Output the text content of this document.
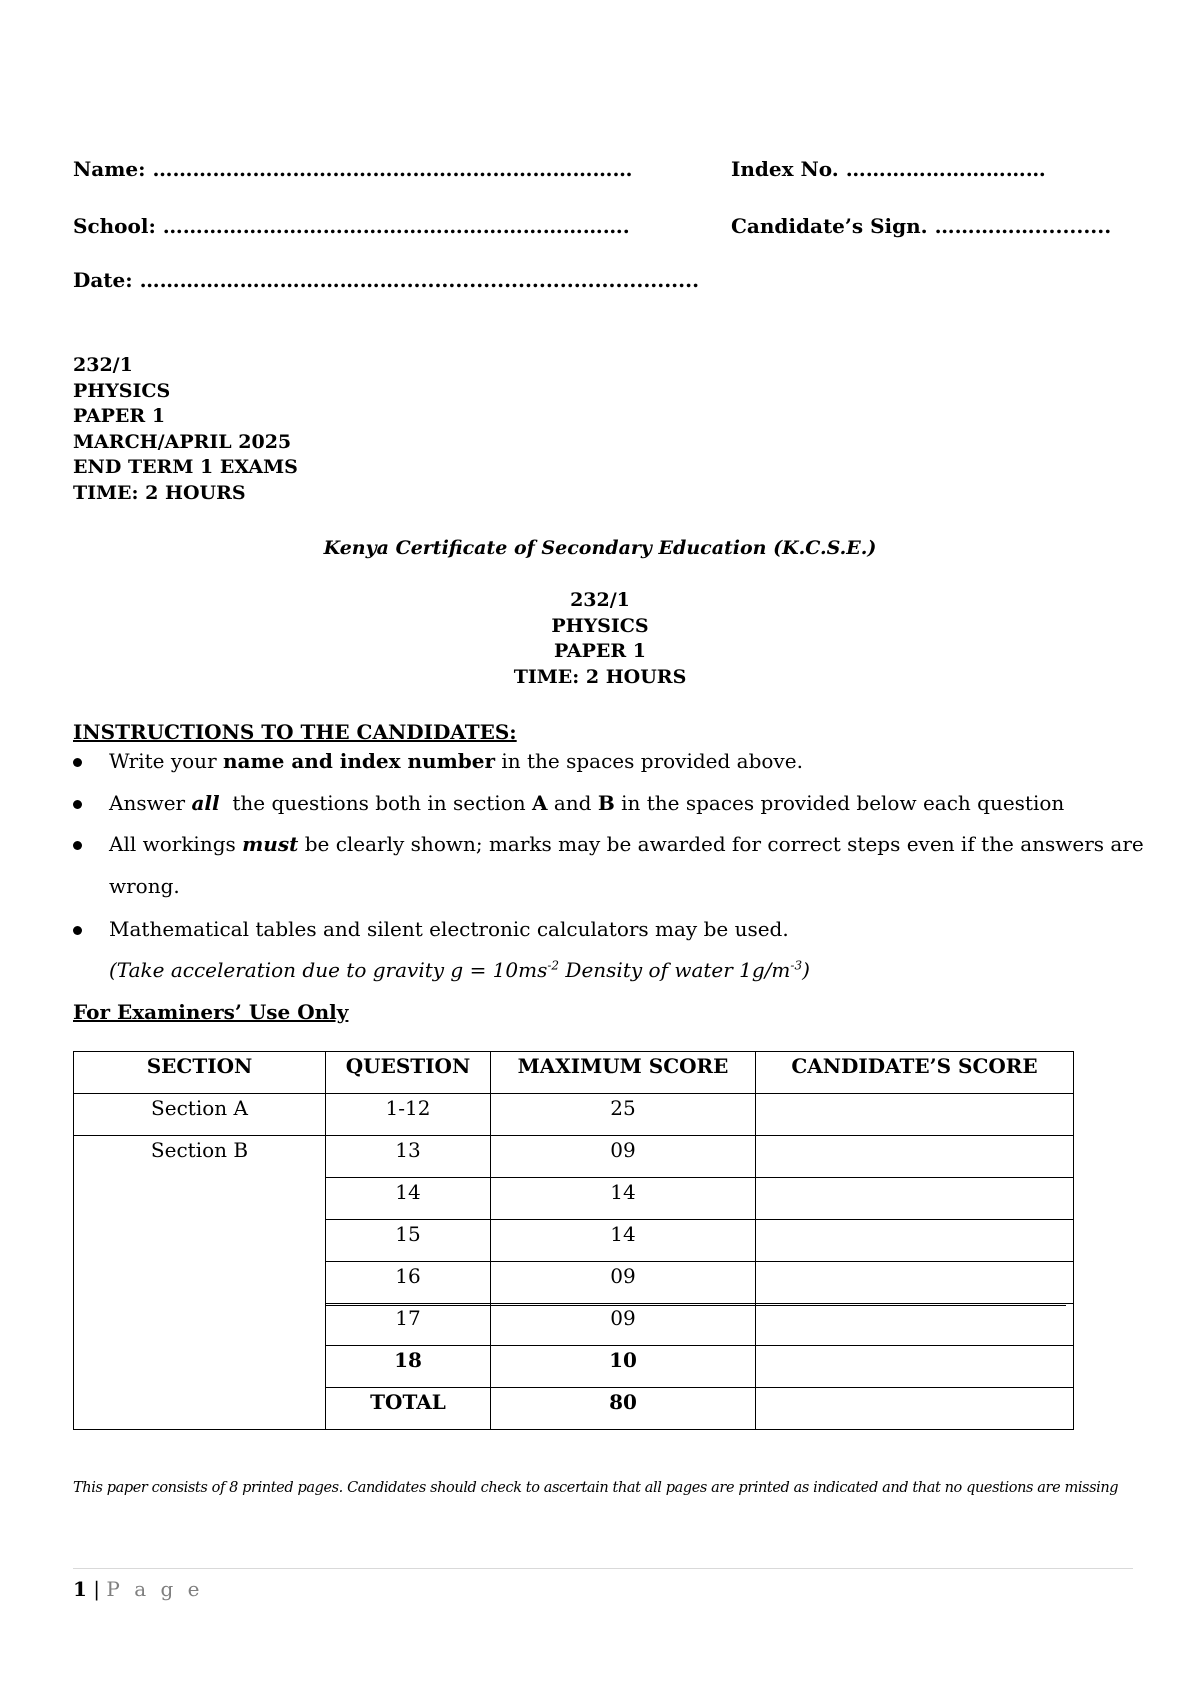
Name: ………………………………………………………………	Index No. …………………………
School: …………………………………………………………….	Candidate’s Sign. ……………...........
Date: …………………………………...........................................
232/1
PHYSICS
PAPER 1
MARCH/APRIL 2025
END TERM 1 EXAMS
TIME: 2 HOURS
Kenya Certificate of Secondary Education (K.C.S.E.)
232/1
PHYSICS
PAPER 1
TIME: 2 HOURS
INSTRUCTIONS TO THE CANDIDATES:
Write your name and index number in the spaces provided above.
Answer all  the questions both in section A and B in the spaces provided below each question
All workings must be clearly shown; marks may be awarded for correct steps even if the answers are
wrong.
Mathematical tables and silent electronic calculators may be used.
(Take acceleration due to gravity $g = 10ms^{-2}$ Density of water $1g/m^{-3}$)
For Examiners’ Use Only
SECTION	QUESTION	MAXIMUM SCORE	CANDIDATE’S SCORE
Section A	1-12	25	
Section B	13	09	
	14	14	
	15	14	
	16	09	
	17	09	
	18	10	
	TOTAL	80	
This paper consists of 8 printed pages. Candidates should check to ascertain that all pages are printed as indicated and that no questions are missing
1 | P a g e
